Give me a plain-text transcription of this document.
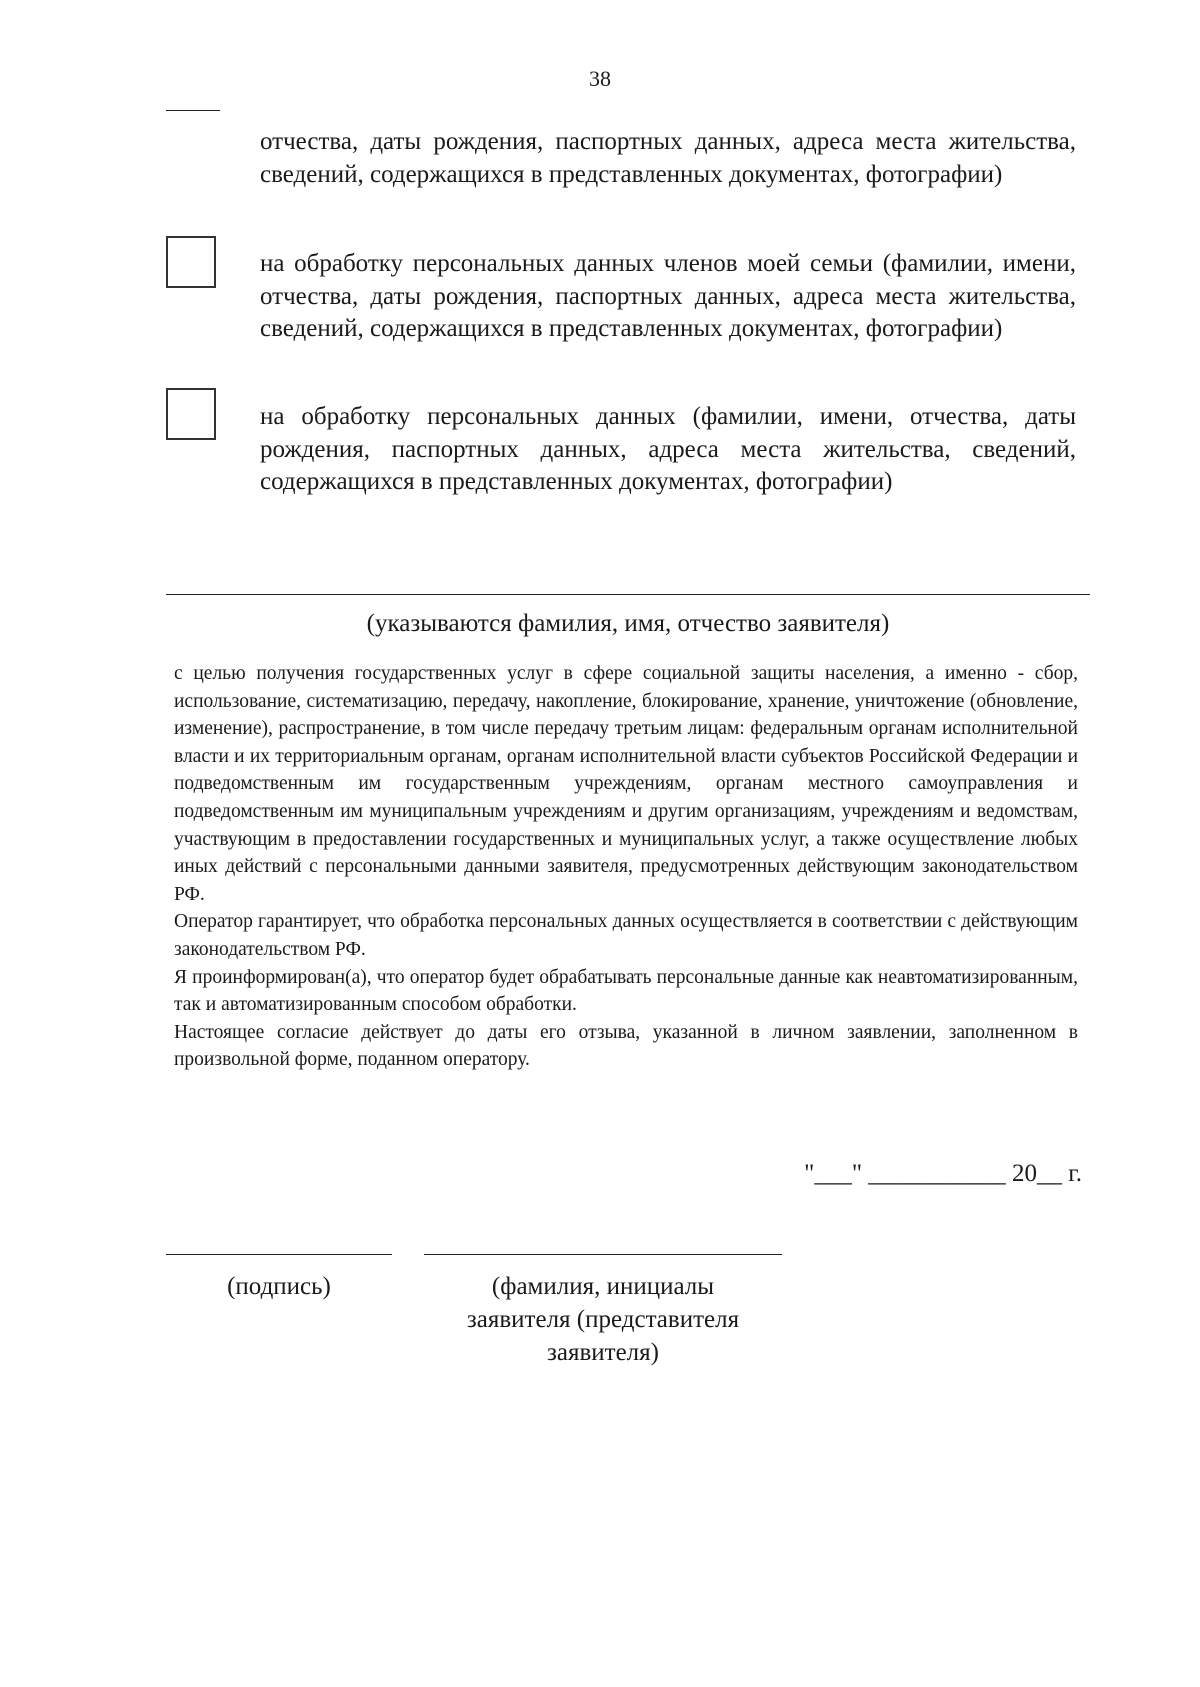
38
отчества, даты рождения, паспортных данных, адреса места жительства, сведений, содержащихся в представленных документах, фотографии)
на обработку персональных данных членов моей семьи (фамилии, имени, отчества, даты рождения, паспортных данных, адреса места жительства, сведений, содержащихся в представленных документах, фотографии)
на обработку персональных данных (фамилии, имени, отчества, даты рождения, паспортных данных, адреса места жительства, сведений, содержащихся в представленных документах, фотографии)
(указываются фамилия, имя, отчество заявителя)

с целью получения государственных услуг в сфере социальной защиты населения, а именно - сбор, использование, систематизацию, передачу, накопление, блокирование, хранение, уничтожение (обновление, изменение), распространение, в том числе передачу третьим лицам: федеральным органам исполнительной власти и их территориальным органам, органам исполнительной власти субъектов Российской Федерации и подведомственным им государственным учреждениям, органам местного самоуправления и подведомственным им муниципальным учреждениям и другим организациям, учреждениям и ведомствам, участвующим в предоставлении государственных и муниципальных услуг, а также осуществление любых иных действий с персональными данными заявителя, предусмотренных действующим законодательством РФ.

Оператор гарантирует, что обработка персональных данных осуществляется в соответствии с действующим законодательством РФ.

Я проинформирован(а), что оператор будет обрабатывать персональные данные как неавтоматизированным, так и автоматизированным способом обработки.

Настоящее согласие действует до даты его отзыва, указанной в личном заявлении, заполненном в произвольной форме, поданном оператору.

"___" ___________ 20__ г.
(подпись)	(фамилия, инициалы заявителя (представителя заявителя)
